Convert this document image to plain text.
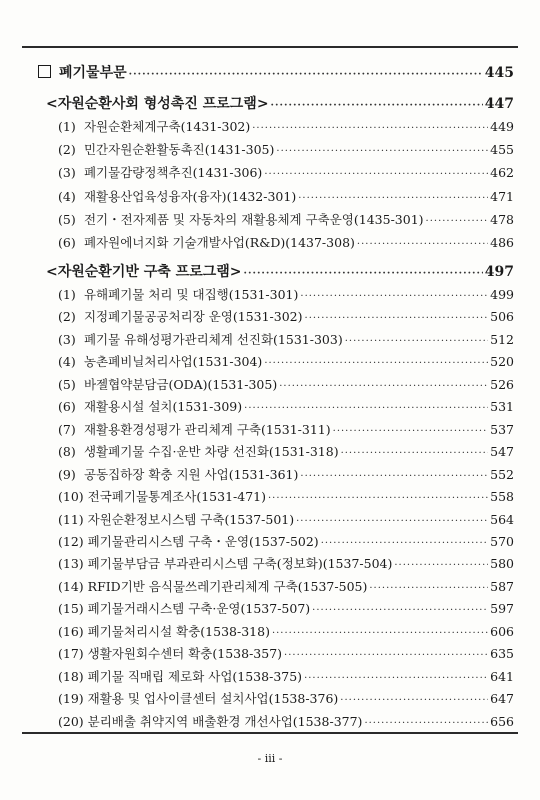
폐기물부문 ·····	445
<자원순환사회 형성촉진 프로그램> ·····	447
(1) 자원순환체계구축(1431-302) ·····	449
(2) 민간자원순환활동촉진(1431-305) ·····	455
(3) 폐기물감량정책추진(1431-306) ·····	462
(4) 재활용산업육성융자(융자)(1432-301) ·····	471
(5) 전기・전자제품 및 자동차의 재활용체계 구축운영(1435-301) ·····	478
(6) 폐자원에너지화 기술개발사업(R&D)(1437-308) ·····	486
<자원순환기반 구축 프로그램> ·····	497
(1) 유해폐기물 처리 및 대집행(1531-301) ·····	499
(2) 지정폐기물공공처리장 운영(1531-302) ·····	506
(3) 폐기물 유해성평가관리체계 선진화(1531-303) ·····	512
(4) 농촌폐비닐처리사업(1531-304) ·····	520
(5) 바젤협약분담금(ODA)(1531-305) ·····	526
(6) 재활용시설 설치(1531-309) ·····	531
(7) 재활용환경성평가 관리체계 구축(1531-311) ·····	537
(8) 생활폐기물 수집·운반 차량 선진화(1531-318) ·····	547
(9) 공동집하장 확충 지원 사업(1531-361) ·····	552
(10) 전국폐기물통계조사(1531-471) ·····	558
(11) 자원순환정보시스템 구축(1537-501) ·····	564
(12) 폐기물관리시스템 구축・운영(1537-502) ·····	570
(13) 폐기물부담금 부과관리시스템 구축(정보화)(1537-504) ·····	580
(14) RFID기반 음식물쓰레기관리체계 구축(1537-505) ·····	587
(15) 폐기물거래시스템 구축·운영(1537-507) ·····	597
(16) 폐기물처리시설 확충(1538-318) ·····	606
(17) 생활자원회수센터 확충(1538-357) ·····	635
(18) 폐기물 직매립 제로화 사업(1538-375) ·····	641
(19) 재활용 및 업사이클센터 설치사업(1538-376) ·····	647
(20) 분리배출 취약지역 배출환경 개선사업(1538-377) ·····	656
- iii -
